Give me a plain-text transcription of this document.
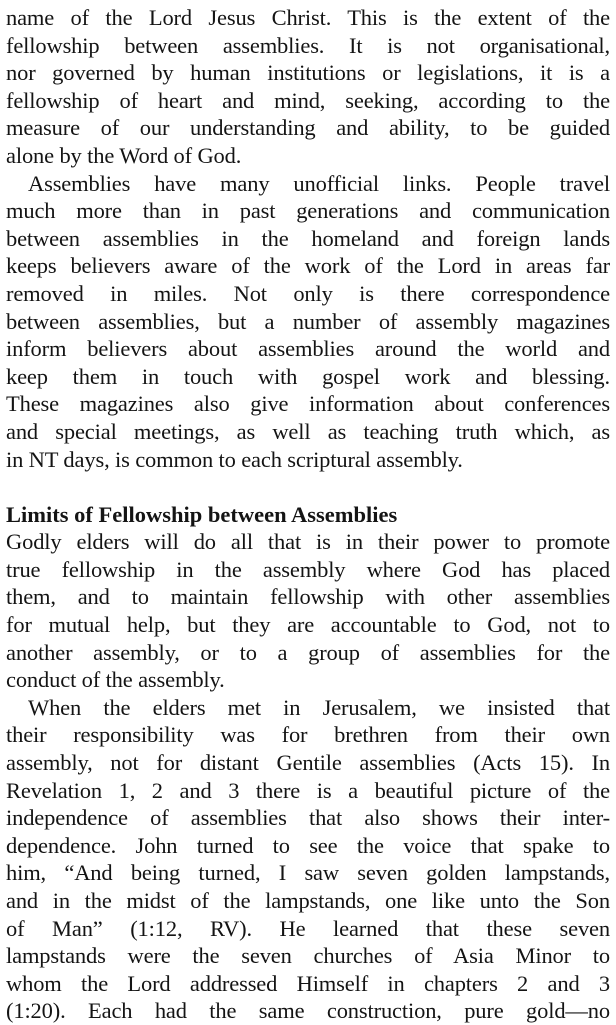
name of the Lord Jesus Christ. This is the extent of the
fellowship between assemblies. It is not organisational,
nor governed by human institutions or legislations, it is a
fellowship of heart and mind, seeking, according to the
measure of our understanding and ability, to be guided
alone by the Word of God.
Assemblies have many unofficial links. People travel
much more than in past generations and communication
between assemblies in the homeland and foreign lands
keeps believers aware of the work of the Lord in areas far
removed in miles. Not only is there correspondence
between assemblies, but a number of assembly magazines
inform believers about assemblies around the world and
keep them in touch with gospel work and blessing.
These magazines also give information about conferences
and special meetings, as well as teaching truth which, as
in NT days, is common to each scriptural assembly.
Limits of Fellowship between Assemblies
Godly elders will do all that is in their power to promote
true fellowship in the assembly where God has placed
them, and to maintain fellowship with other assemblies
for mutual help, but they are accountable to God, not to
another assembly, or to a group of assemblies for the
conduct of the assembly.
When the elders met in Jerusalem, we insisted that
their responsibility was for brethren from their own
assembly, not for distant Gentile assemblies (Acts 15). In
Revelation 1, 2 and 3 there is a beautiful picture of the
independence of assemblies that also shows their inter-
dependence. John turned to see the voice that spake to
him, “And being turned, I saw seven golden lampstands,
and in the midst of the lampstands, one like unto the Son
of Man” (1:12, RV). He learned that these seven
lampstands were the seven churches of Asia Minor to
whom the Lord addressed Himself in chapters 2 and 3
(1:20). Each had the same construction, pure gold—no
